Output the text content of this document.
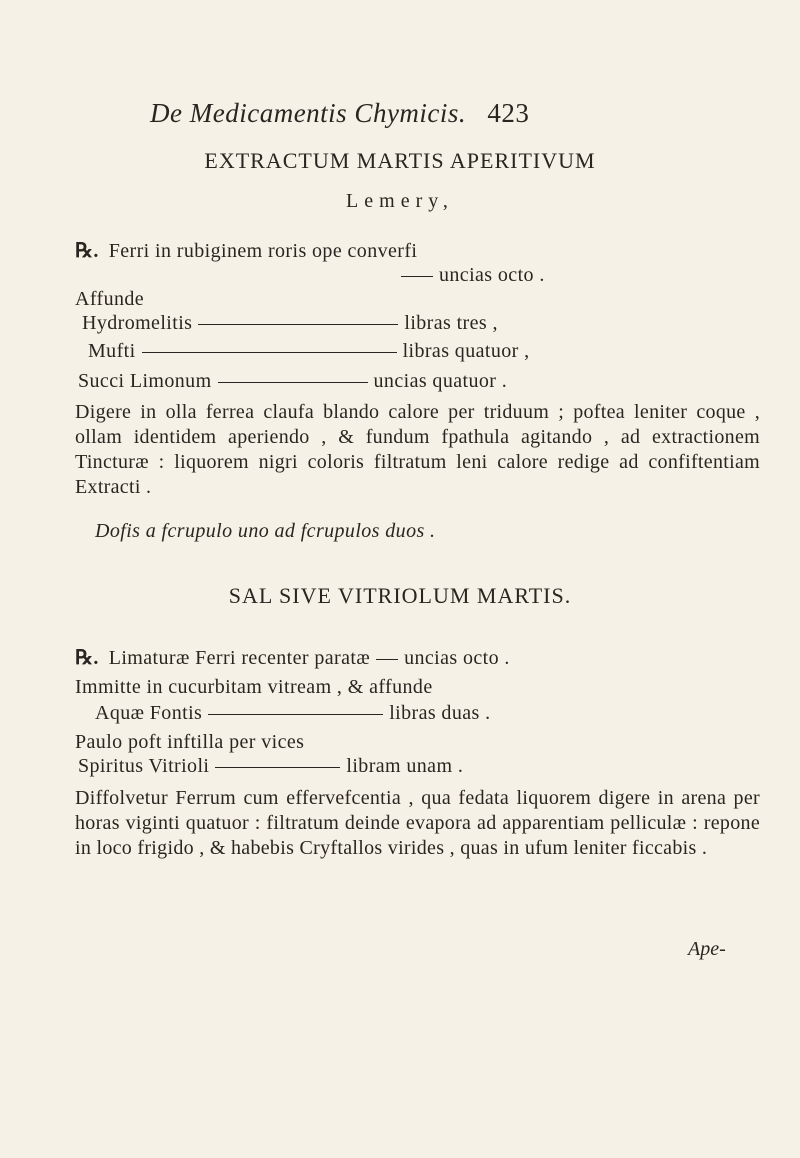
De Medicamentis Chymicis. 423
EXTRACTUM MARTIS APERITIVUM
Lemery,
℞. Ferri in rubiginem roris ope converfi
uncias octo .
Affunde
Hydromelitis	libras tres ,
Mufti	libras quatuor ,
Succi Limonum	uncias quatuor .
Digere in olla ferrea claufa blando calore per triduum ; poftea leniter coque , ollam identidem aperiendo , & fundum fpathula agitando , ad extractionem Tincturæ : liquorem nigri coloris filtratum leni calore redige ad confiftentiam Extracti .
Dofis a fcrupulo uno ad fcrupulos duos .
SAL SIVE VITRIOLUM MARTIS.
℞. Limaturæ Ferri recenter paratæ uncias octo .
Immitte in cucurbitam vitream , & affunde
Aquæ Fontis	libras duas .
Paulo poft inftilla per vices
Spiritus Vitrioli	libram unam .
Diffolvetur Ferrum cum effervefcentia , qua fedata liquorem digere in arena per horas viginti quatuor : filtratum deinde evapora ad apparentiam pelliculæ : repone in loco frigido , & habebis Cryftallos virides , quas in ufum leniter ficcabis .
Ape-
